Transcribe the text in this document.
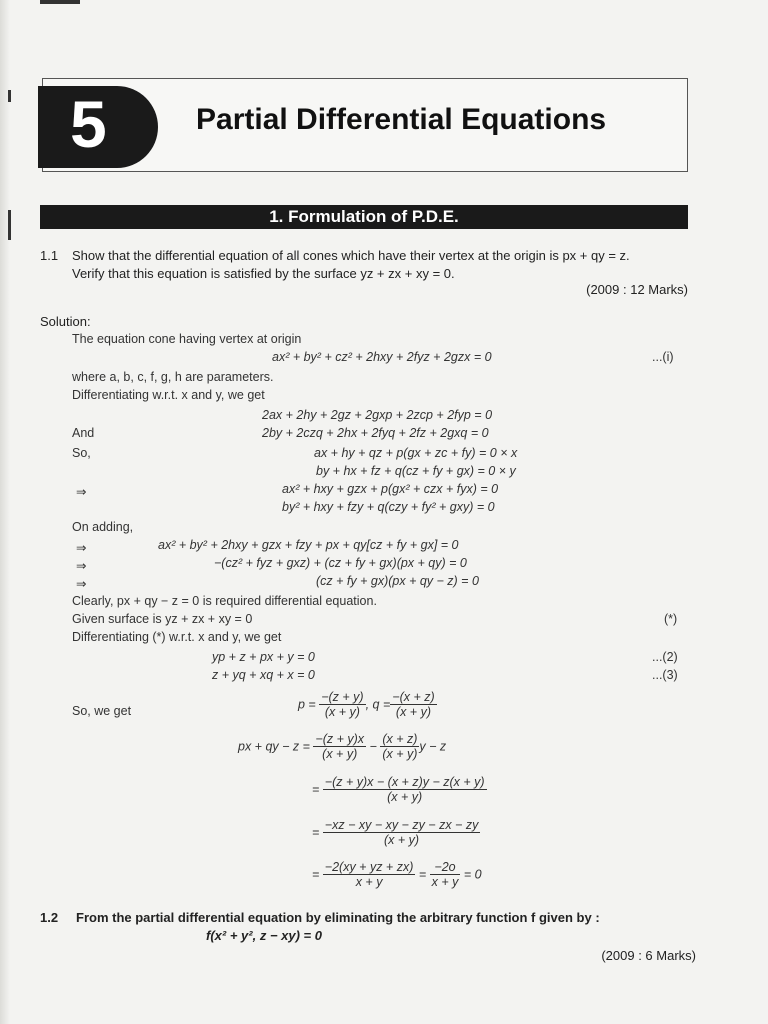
5	Partial Differential Equations
1. Formulation of P.D.E.
1.1 Show that the differential equation of all cones which have their vertex at the origin is px + qy = z.
Verify that this equation is satisfied by the surface yz + zx + xy = 0.
(2009 : 12 Marks)
Solution:
The equation cone having vertex at origin
ax² + by² + cz² + 2hxy + 2fyz + 2gzx = 0	...(i)
where a, b, c, f, g, h are parameters.
Differentiating w.r.t. x and y, we get
2ax + 2hy + 2gz + 2gxp + 2zcp + 2fyp = 0
And	2by + 2czq + 2hx + 2fyq + 2fz + 2gxq = 0
So,	ax + hy + qz + p(gx + zc + fy) = 0 × x
by + hx + fz + q(cz + fy + gx) = 0 × y
⇒	ax² + hxy + gzx + p(gx² + czx + fyx) = 0
by² + hxy + fzy + q(czy + fy² + gxy) = 0
On adding,
⇒	ax² + by² + 2hxy + gzx + fzy + px + qy[cz + fy + gx] = 0
⇒	−(cz² + fyz + gxz) + (cz + fy + gx)(px + qy) = 0
⇒	(cz + fy + gx)(px + qy − z) = 0
Clearly, px + qy − z = 0 is required differential equation.
Given surface is yz + zx + xy = 0	(*)
Differentiating (*) w.r.t. x and y, we get
yp + z + px + y = 0	...(2)
z + yq + xq + x = 0	...(3)
So, we get	$p = \frac{-(z + y)}{(x + y)}$ , $q = \frac{-(x + z)}{(x + y)}$
px + qy − $z = \frac{-(z + y)x}{(x + y)} - \frac{(x + z)}{(x + y)}$ y − z
= $\frac{-(z + y)x - (x + z)y - z(x + y)}{(x + y)}$
= $\frac{-xz - xy - xy - zy - zx - zy}{(x + y)}$
= $\frac{-2(xy + yz + zx)}{x + y} = \frac{-2o}{x + y} = 0$
1.2 From the partial differential equation by eliminating the arbitrary function f given by :
f(x² + y², z − xy) = 0
(2009 : 6 Marks)
